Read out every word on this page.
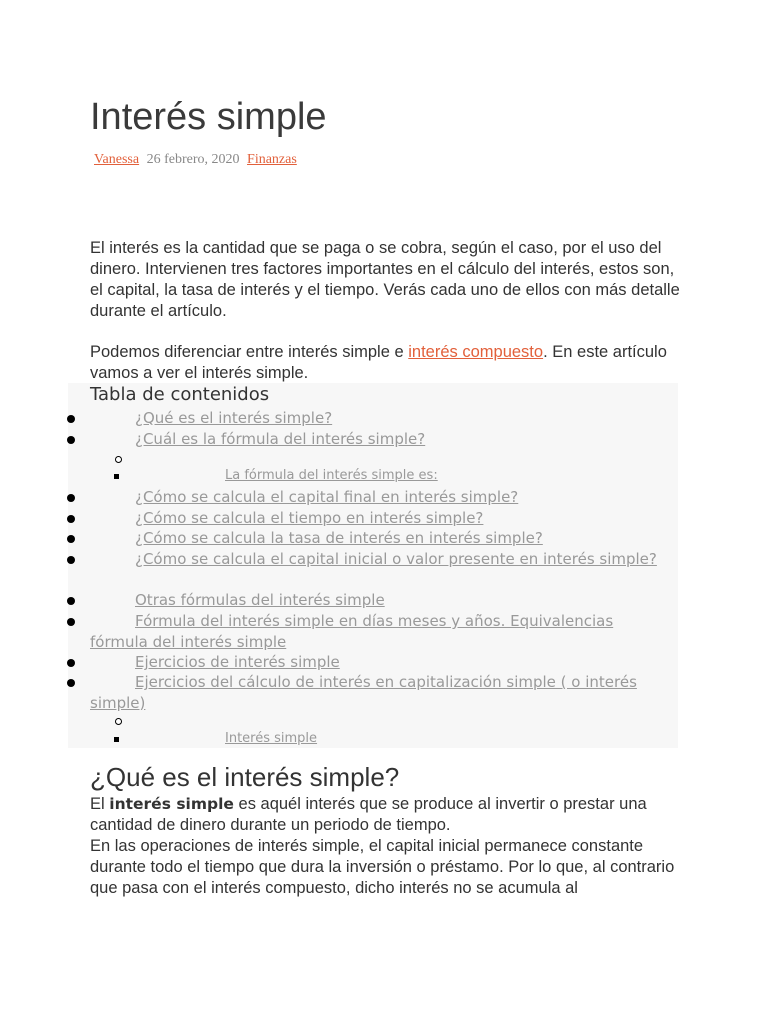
Interés simple
Vanessa 26 febrero, 2020 Finanzas

El interés es la cantidad que se paga o se cobra, según el caso, por el uso del dinero. Intervienen tres factores importantes en el cálculo del interés, estos son, el capital, la tasa de interés y el tiempo. Verás cada uno de ellos con más detalle durante el artículo.

Podemos diferenciar entre interés simple e interés compuesto. En este artículo vamos a ver el interés simple.

Tabla de contenidos
¿Qué es el interés simple?
¿Cuál es la fórmula del interés simple?
La fórmula del interés simple es:
¿Cómo se calcula el capital final en interés simple?
¿Cómo se calcula el tiempo en interés simple?
¿Cómo se calcula la tasa de interés en interés simple?
¿Cómo se calcula el capital inicial o valor presente en interés simple?
Otras fórmulas del interés simple
Fórmula del interés simple en días meses y años. Equivalencias fórmula del interés simple
Ejercicios de interés simple
Ejercicios del cálculo de interés en capitalización simple ( o interés simple)
Interés simple
¿Qué es el interés simple?
El interés simple es aquél interés que se produce al invertir o prestar una cantidad de dinero durante un periodo de tiempo.
En las operaciones de interés simple, el capital inicial permanece constante durante todo el tiempo que dura la inversión o préstamo. Por lo que, al contrario que pasa con el interés compuesto, dicho interés no se acumula al
